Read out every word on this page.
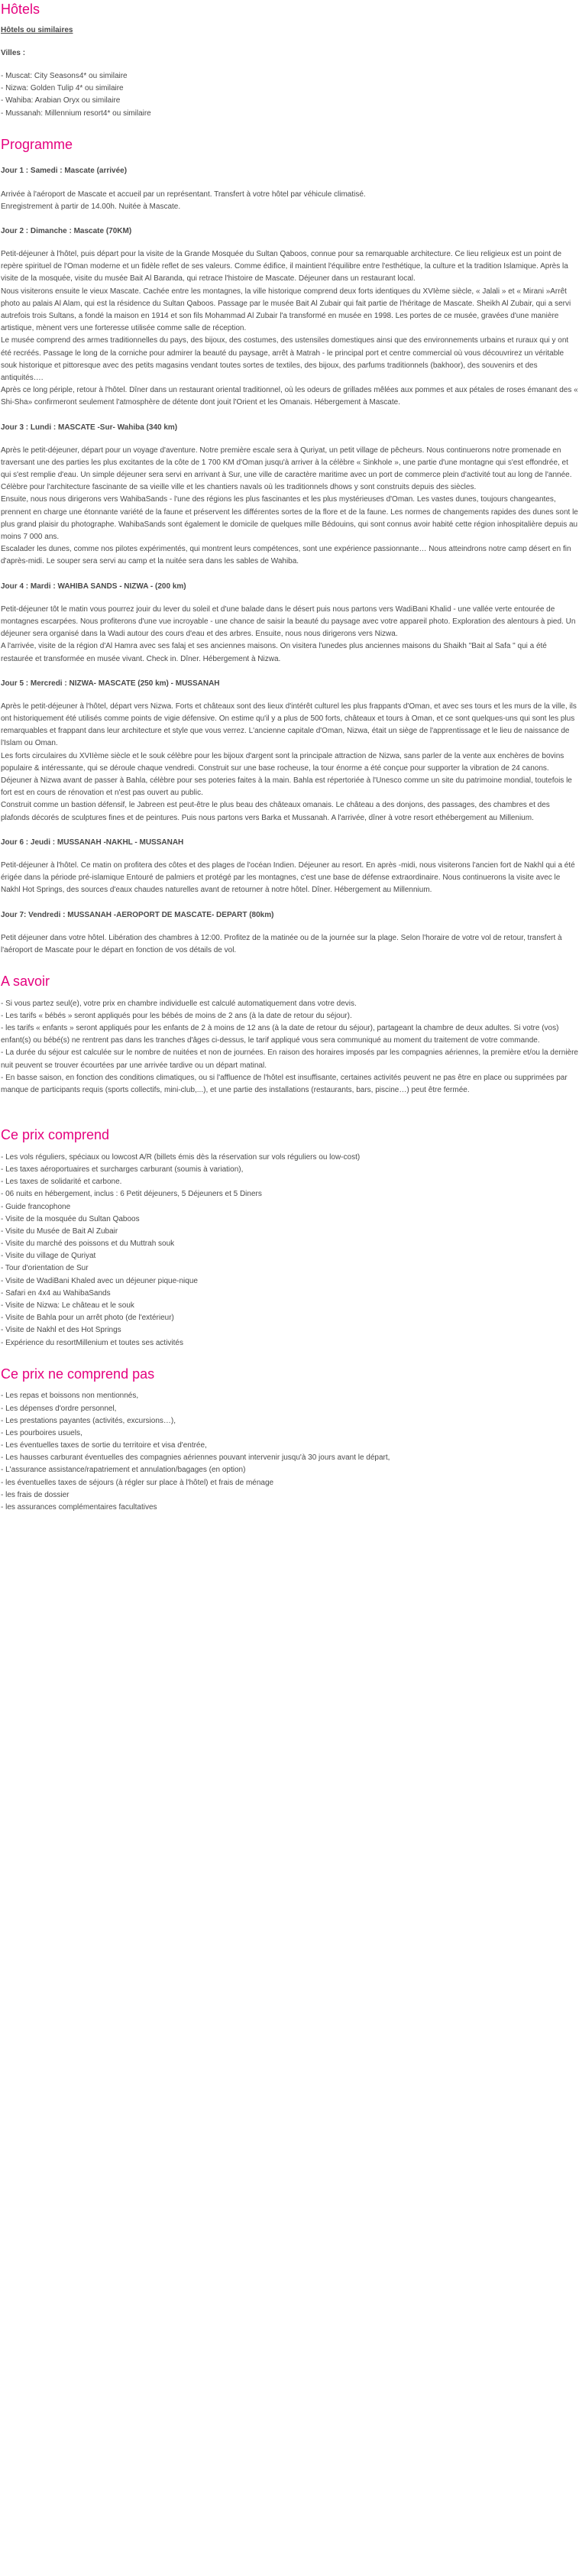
Hôtels
Hôtels ou similaires
Villes :
- Muscat: City Seasons4* ou similaire
- Nizwa: Golden Tulip 4* ou similaire
- Wahiba: Arabian Oryx ou similaire
- Mussanah: Millennium resort4* ou similaire
Programme
Jour 1 : Samedi : Mascate (arrivée)

Arrivée à l'aéroport de Mascate et accueil par un représentant. Transfert à votre hôtel par véhicule climatisé.

Enregistrement à partir de 14.00h. Nuitée à Mascate.

Jour 2 : Dimanche : Mascate (70KM)

Petit-déjeuner à l'hôtel, puis départ pour la visite de la Grande Mosquée du Sultan Qaboos, connue pour sa remarquable architecture. Ce lieu religieux est un point de repère spirituel de l'Oman moderne et un fidèle reflet de ses valeurs. Comme édifice, il maintient l'équilibre entre l'esthétique, la culture et la tradition Islamique. Après la visite de la mosquée, visite du musée Bait Al Baranda, qui retrace l'histoire de Mascate. Déjeuner dans un restaurant local.

Nous visiterons ensuite le vieux Mascate. Cachée entre les montagnes, la ville historique comprend deux forts identiques du XVIème siècle, « Jalali » et « Mirani »Arrêt photo au palais Al Alam, qui est la résidence du Sultan Qaboos. Passage par le musée Bait Al Zubair qui fait partie de l'héritage de Mascate. Sheikh Al Zubair, qui a servi autrefois trois Sultans, a fondé la maison en 1914 et son fils Mohammad Al Zubair l'a transformé en musée en 1998. Les portes de ce musée, gravées d'une manière artistique, mènent vers une forteresse utilisée comme salle de réception.

Le musée comprend des armes traditionnelles du pays, des bijoux, des costumes, des ustensiles domestiques ainsi que des environnements urbains et ruraux qui y ont été recréés. Passage le long de la corniche pour admirer la beauté du paysage, arrêt à Matrah - le principal port et centre commercial où vous découvrirez un véritable souk historique et pittoresque avec des petits magasins vendant toutes sortes de textiles, des bijoux, des parfums traditionnels (bakhoor), des souvenirs et des antiquités….

Après ce long périple, retour à l'hôtel. Dîner dans un restaurant oriental traditionnel, où les odeurs de grillades mêlées aux pommes et aux pétales de roses émanant des « Shi-Sha» confirmeront seulement l'atmosphère de détente dont jouit l'Orient et les Omanais. Hébergement à Mascate.

Jour 3 : Lundi : MASCATE -Sur- Wahiba (340 km)

Après le petit-déjeuner, départ pour un voyage d'aventure. Notre première escale sera à Quriyat, un petit village de pêcheurs. Nous continuerons notre promenade en traversant une des parties les plus excitantes de la côte de 1 700 KM d'Oman jusqu'à arriver à la célèbre « Sinkhole », une partie d'une montagne qui s'est effondrée, et qui s'est remplie d'eau. Un simple déjeuner sera servi en arrivant à Sur, une ville de caractère maritime avec un port de commerce plein d'activité tout au long de l'année. Célèbre pour l'architecture fascinante de sa vieille ville et les chantiers navals où les traditionnels dhows y sont construits depuis des siècles.

Ensuite, nous nous dirigerons vers WahibaSands - l'une des régions les plus fascinantes et les plus mystérieuses d'Oman. Les vastes dunes, toujours changeantes, prennent en charge une étonnante variété de la faune et préservent les différentes sortes de la flore et de la faune. Les normes de changements rapides des dunes sont le plus grand plaisir du photographe. WahibaSands sont également le domicile de quelques mille Bédouins, qui sont connus avoir habité cette région inhospitalière depuis au moins 7 000 ans.

Escalader les dunes, comme nos pilotes expérimentés, qui montrent leurs compétences, sont une expérience passionnante… Nous atteindrons notre camp désert en fin d'après-midi. Le souper sera servi au camp et la nuitée sera dans les sables de Wahiba.

Jour 4 : Mardi : WAHIBA SANDS - NIZWA - (200 km)

Petit-déjeuner tôt le matin vous pourrez jouir du lever du soleil et d'une balade dans le désert puis nous partons vers WadiBani Khalid - une vallée verte entourée de montagnes escarpées. Nous profiterons d'une vue incroyable - une chance de saisir la beauté du paysage avec votre appareil photo. Exploration des alentours à pied. Un déjeuner sera organisé dans la Wadi autour des cours d'eau et des arbres. Ensuite, nous nous dirigerons vers Nizwa.

A l'arrivée, visite de la région d'Al Hamra avec ses falaj et ses anciennes maisons. On visitera l'unedes plus anciennes maisons du Shaikh "Bait al Safa " qui a été restaurée et transformée en musée vivant. Check in. Dîner. Hébergement à Nizwa.

Jour 5 : Mercredi : NIZWA- MASCATE (250 km) - MUSSANAH

Après le petit-déjeuner à l'hôtel, départ vers Nizwa. Forts et châteaux sont des lieux d'intérêt culturel les plus frappants d'Oman, et avec ses tours et les murs de la ville, ils ont historiquement été utilisés comme points de vigie défensive. On estime qu'il y a plus de 500 forts, châteaux et tours à Oman, et ce sont quelques-uns qui sont les plus remarquables et frappant dans leur architecture et style que vous verrez. L'ancienne capitale d'Oman, Nizwa, était un siège de l'apprentissage et le lieu de naissance de l'Islam ou Oman.

Les forts circulaires du XVIIème siècle et le souk célèbre pour les bijoux d'argent sont la principale attraction de Nizwa, sans parler de la vente aux enchères de bovins populaire & intéressante, qui se déroule chaque vendredi. Construit sur une base rocheuse, la tour énorme a été conçue pour supporter la vibration de 24 canons. Déjeuner à Nizwa avant de passer à Bahla, célèbre pour ses poteries faites à la main. Bahla est répertoriée à l'Unesco comme un site du patrimoine mondial, toutefois le fort est en cours de rénovation et n'est pas ouvert au public.

Construit comme un bastion défensif, le Jabreen est peut-être le plus beau des châteaux omanais. Le château a des donjons, des passages, des chambres et des plafonds décorés de sculptures fines et de peintures. Puis nous partons vers Barka et Mussanah. A l'arrivée, dîner à votre resort ethébergement au Millenium.

Jour 6 : Jeudi : MUSSANAH -NAKHL - MUSSANAH

Petit-déjeuner à l'hôtel. Ce matin on profitera des côtes et des plages de l'océan Indien. Déjeuner au resort. En après -midi, nous visiterons l'ancien fort de Nakhl qui a été érigée dans la période pré-islamique Entouré de palmiers et protégé par les montagnes, c'est une base de défense extraordinaire. Nous continuerons la visite avec le Nakhl Hot Springs, des sources d'eaux chaudes naturelles avant de retourner à notre hôtel. Dîner. Hébergement au Millennium.

Jour 7: Vendredi : MUSSANAH -AEROPORT DE MASCATE- DEPART (80km)

Petit déjeuner dans votre hôtel. Libération des chambres à 12:00. Profitez de la matinée ou de la journée sur la plage. Selon l'horaire de votre vol de retour, transfert à l'aéroport de Mascate pour le départ en fonction de vos détails de vol.

A savoir
- Si vous partez seul(e), votre prix en chambre individuelle est calculé automatiquement dans votre devis.
- Les tarifs « bébés » seront appliqués pour les bébés de moins de 2 ans (à la date de retour du séjour).
- les tarifs « enfants » seront appliqués pour les enfants de 2 à moins de 12 ans (à la date de retour du séjour), partageant la chambre de deux adultes. Si votre (vos) enfant(s) ou bébé(s) ne rentrent pas dans les tranches d'âges ci-dessus, le tarif appliqué vous sera communiqué au moment du traitement de votre commande.
- La durée du séjour est calculée sur le nombre de nuitées et non de journées. En raison des horaires imposés par les compagnies aériennes, la première et/ou la dernière nuit peuvent se trouver écourtées par une arrivée tardive ou un départ matinal.
- En basse saison, en fonction des conditions climatiques, ou si l'affluence de l'hôtel est insuffisante, certaines activités peuvent ne pas être en place ou supprimées par manque de participants requis (sports collectifs, mini-club,...), et une partie des installations (restaurants, bars, piscine…) peut être fermée.
Ce prix comprend
- Les vols réguliers, spéciaux ou lowcost A/R (billets émis dès la réservation sur vols réguliers ou low-cost)
- Les taxes aéroportuaires et surcharges carburant (soumis à variation),
- Les taxes de solidarité et carbone.
- 06 nuits en hébergement, inclus : 6 Petit déjeuners, 5 Déjeuners et 5 Diners
- Guide francophone
- Visite de la mosquée du Sultan Qaboos
- Visite du Musée de Bait Al Zubair
- Visite du marché des poissons et du Muttrah souk
- Visite du village de Quriyat
- Tour d'orientation de Sur
- Visite de WadiBani Khaled avec un déjeuner pique-nique
- Safari en 4x4 au WahibaSands
- Visite de Nizwa: Le château et le souk
- Visite de Bahla pour un arrêt photo (de l'extérieur)
- Visite de Nakhl et des Hot Springs
- Expérience du resortMillenium et toutes ses activités
Ce prix ne comprend pas
- Les repas et boissons non mentionnés,
- Les dépenses d'ordre personnel,
- Les prestations payantes (activités, excursions…),
- Les pourboires usuels,
- Les éventuelles taxes de sortie du territoire et visa d'entrée,
- Les hausses carburant éventuelles des compagnies aériennes pouvant intervenir jusqu'à 30 jours avant le départ,
- L'assurance assistance/rapatriement et annulation/bagages (en option)
- les éventuelles taxes de séjours (à régler sur place à l'hôtel) et frais de ménage
- les frais de dossier
- les assurances complémentaires facultatives
